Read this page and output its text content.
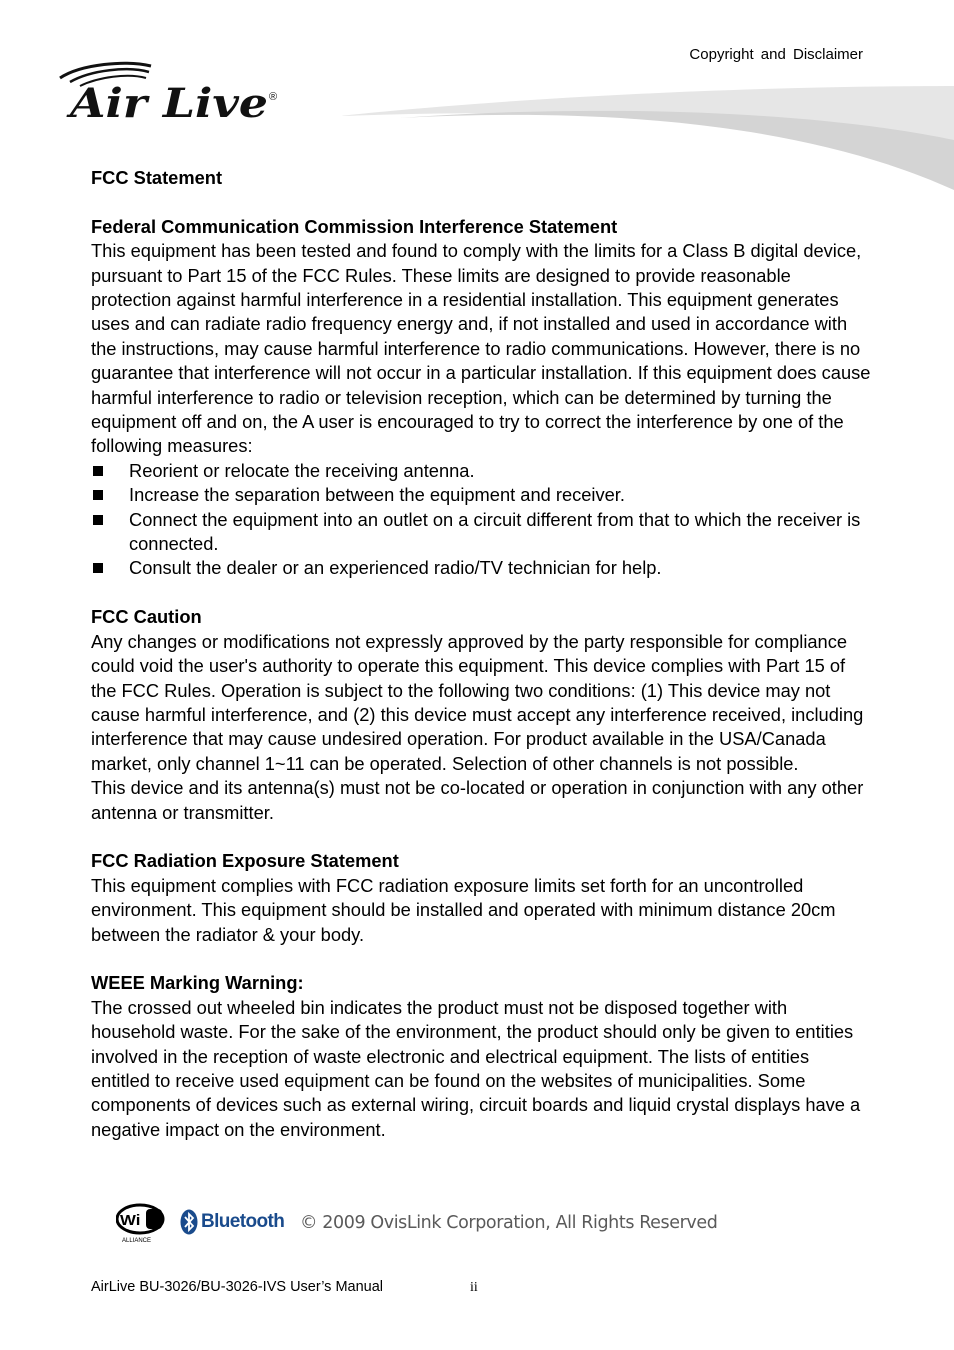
Copyright and Disclaimer
Air Live ®

FCC Statement

Federal Communication Commission Interference Statement

This equipment has been tested and found to comply with the limits for a Class B digital device, pursuant to Part 15 of the FCC Rules. These limits are designed to provide reasonable protection against harmful interference in a residential installation. This equipment generates uses and can radiate radio frequency energy and, if not installed and used in accordance with the instructions, may cause harmful interference to radio communications. However, there is no guarantee that interference will not occur in a particular installation. If this equipment does cause harmful interference to radio or television reception, which can be determined by turning the equipment off and on, the A user is encouraged to try to correct the interference by one of the following measures:

Reorient or relocate the receiving antenna.
Increase the separation between the equipment and receiver.
Connect the equipment into an outlet on a circuit different from that to which the receiver is connected.
Consult the dealer or an experienced radio/TV technician for help.

FCC Caution

Any changes or modifications not expressly approved by the party responsible for compliance could void the user's authority to operate this equipment. This device complies with Part 15 of the FCC Rules. Operation is subject to the following two conditions: (1) This device may not cause harmful interference, and (2) this device must accept any interference received, including interference that may cause undesired operation. For product available in the USA/Canada market, only channel 1~11 can be operated. Selection of other channels is not possible.

This device and its antenna(s) must not be co-located or operation in conjunction with any other antenna or transmitter.

FCC Radiation Exposure Statement

This equipment complies with FCC radiation exposure limits set forth for an uncontrolled environment. This equipment should be installed and operated with minimum distance 20cm between the radiator & your body.

WEEE Marking Warning:

The crossed out wheeled bin indicates the product must not be disposed together with household waste. For the sake of the environment, the product should only be given to entities involved in the reception of waste electronic and electrical equipment. The lists of entities entitled to receive used equipment can be found on the websites of municipalities. Some components of devices such as external wiring, circuit boards and liquid crystal displays have a negative impact on the environment.

Wi Fi
ALLIANCE
Bluetooth © 2009 OvisLink Corporation, All Rights Reserved
AirLive BU-3026/BU-3026-IVS User’s Manual	ii
